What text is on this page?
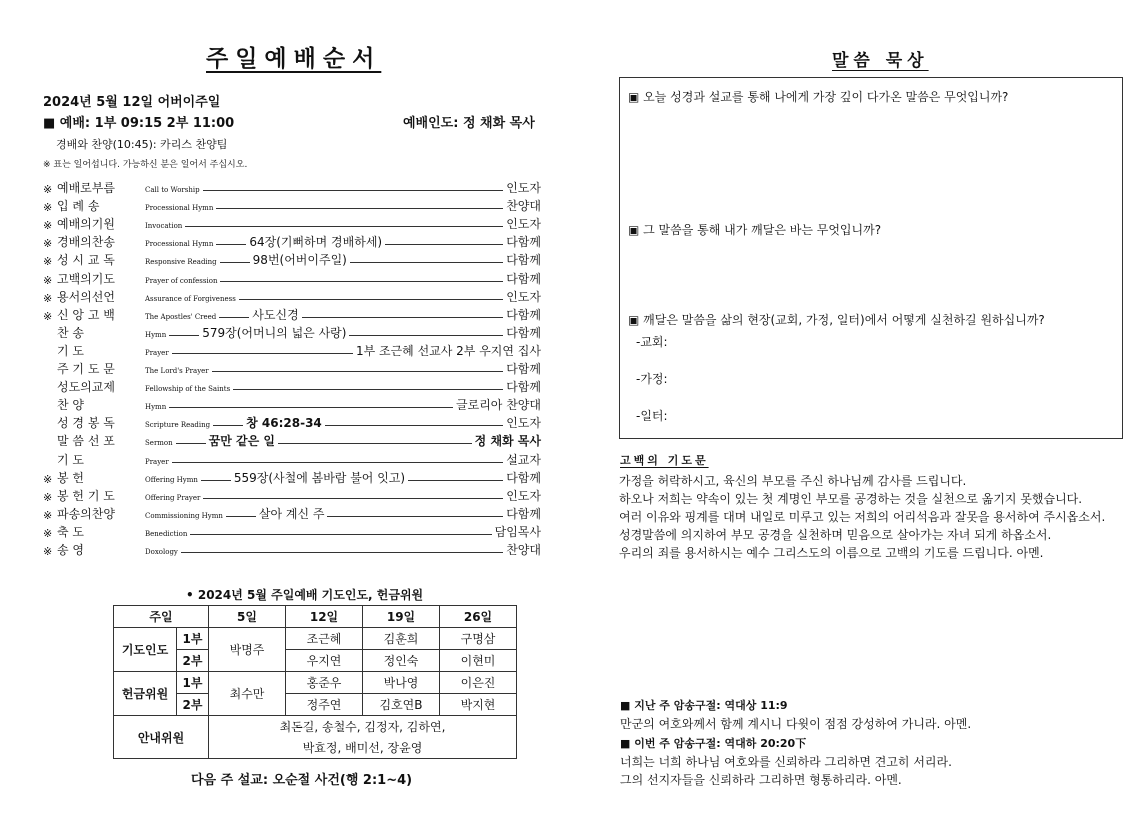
주일예배순서
2024년 5월 12일 어버이주일
■ 예배: 1부 09:15 2부 11:00	예배인도: 정 채화 목사
경배와 찬양(10:45): 카리스 찬양팀
※ 표는 일어섭니다. 가능하신 분은 일어서 주십시오.
※ 예배로부름	Call to Worship	인도자
※ 입 례 송	Processional Hymn	찬양대
※ 예배의기원	Invocation	인도자
※ 경배의찬송	Processional Hymn	64장(기뻐하며 경배하세)	다함께
※ 성 시 교 독	Responsive Reading	98번(어버이주일)	다함께
※ 고백의기도	Prayer of confession	다함께
※ 용서의선언	Assurance of Forgiveness	인도자
※ 신 앙 고 백	The Apostles' Creed	사도신경	다함께
찬 송	Hymn	579장(어머니의 넓은 사랑)	다함께
기 도	Prayer	1부 조근혜 선교사 2부 우지연 집사
주 기 도 문	The Lord's Prayer	다함께
성도의교제	Fellowship of the Saints	다함께
찬 양	Hymn	글로리아 찬양대
성 경 봉 독	Scripture Reading	창 46:28-34	인도자
말 씀 선 포	Sermon	꿈만 같은 일	정 채화 목사
기 도	Prayer	설교자
※ 봉 헌	Offering Hymn	559장(사철에 봄바람 불어 잇고)	다함께
※ 봉 헌 기 도	Offering Prayer	인도자
※ 파송의찬양	Commissioning Hymn	살아 계신 주	다함께
※ 축 도	Benediction	담임목사
※ 송 영	Doxology	찬양대
• 2024년 5월 주일예배 기도인도, 헌금위원
주일		5일	12일	19일	26일
기도인도	1부	박명주	조근혜	김훈희	구명삼
	2부		우지연	정인숙	이현미
헌금위원	1부	최수만	홍준우	박나영	이은진
	2부		정주연	김호연B	박지현
안내위원		최돈길, 송철수, 김정자, 김하연,			
		박효정, 배미선, 장윤영			
다음 주 설교: 오순절 사건(행 2:1~4)
말씀 묵상
▣ 오늘 성경과 설교를 통해 나에게 가장 깊이 다가온 말씀은 무엇입니까?
▣ 그 말씀을 통해 내가 깨달은 바는 무엇입니까?
▣ 깨달은 말씀을 삶의 현장(교회, 가정, 일터)에서 어떻게 실천하길 원하십니까?
-교회:
-가정:
-일터:
고백의 기도문
가정을 허락하시고, 육신의 부모를 주신 하나님께 감사를 드립니다.
하오나 저희는 약속이 있는 첫 계명인 부모를 공경하는 것을 실천으로 옮기지 못했습니다.
여러 이유와 핑계를 대며 내일로 미루고 있는 저희의 어리석음과 잘못을 용서하여 주시옵소서.
성경말씀에 의지하여 부모 공경을 실천하며 믿음으로 살아가는 자녀 되게 하옵소서.
우리의 죄를 용서하시는 예수 그리스도의 이름으로 고백의 기도를 드립니다. 아멘.
■ 지난 주 암송구절: 역대상 11:9
만군의 여호와께서 함께 계시니 다윗이 점점 강성하여 가니라. 아멘.
■ 이번 주 암송구절: 역대하 20:20下
너희는 너희 하나님 여호와를 신뢰하라 그리하면 견고히 서리라.
그의 선지자들을 신뢰하라 그리하면 형통하리라. 아멘.
